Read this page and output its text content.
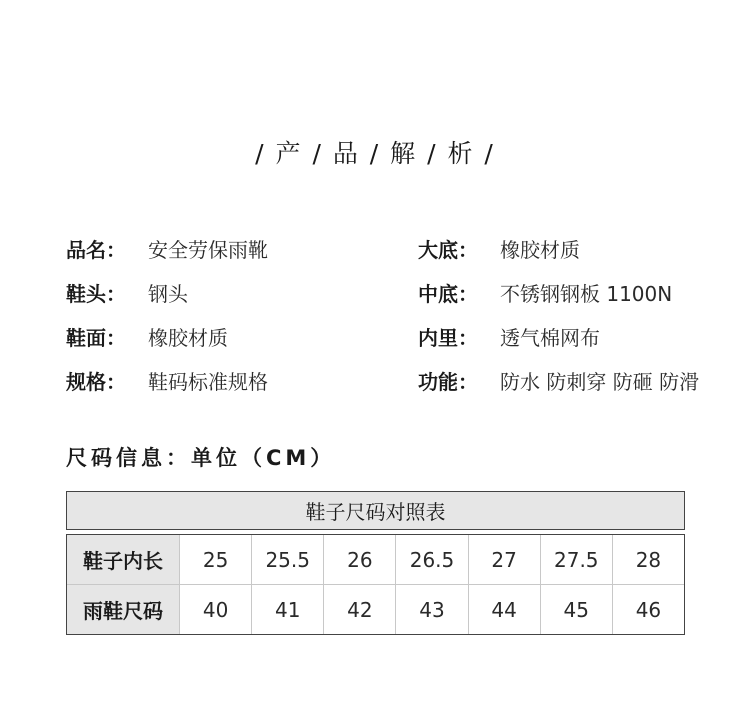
/ 产 / 品 / 解 / 析 /
品名：	安全劳保雨靴
鞋头：	钢头
鞋面：	橡胶材质
规格：	鞋码标准规格
大底：	橡胶材质
中底：	不锈钢钢板 1100N
内里：	透气棉网布
功能：	防水 防刺穿 防砸 防滑
尺码信息：单位（CM）
鞋子尺码对照表
鞋子内长	25	25.5	26	26.5	27	27.5	28
雨鞋尺码	40	41	42	43	44	45	46
